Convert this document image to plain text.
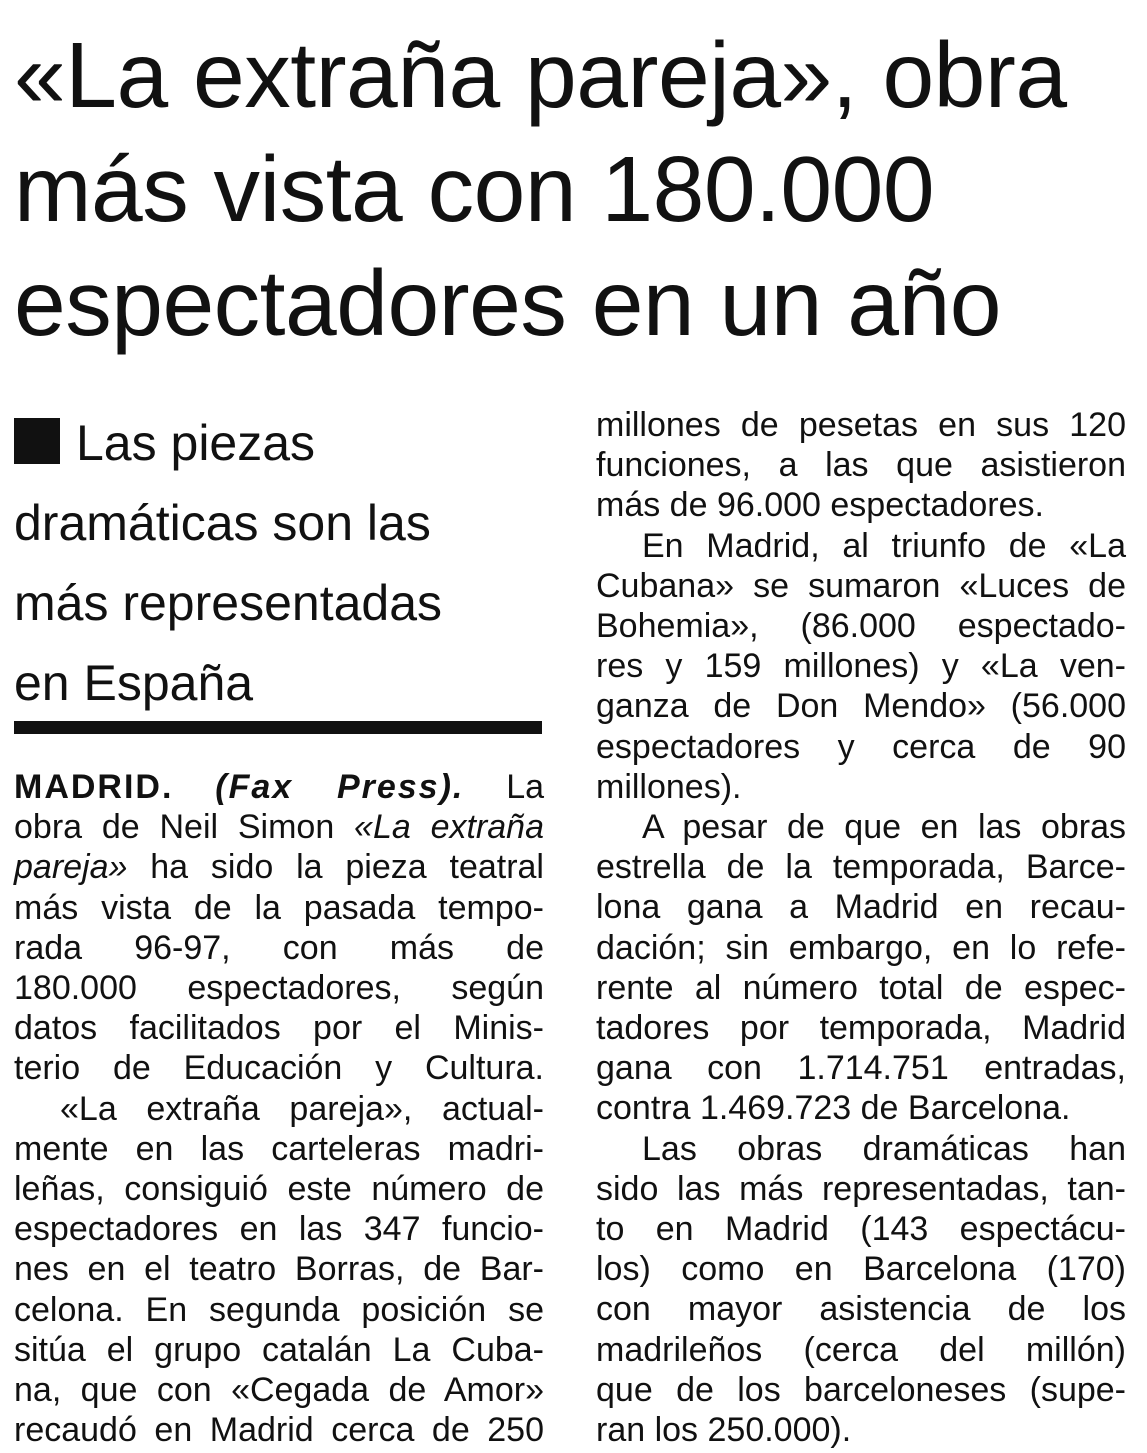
«La extraña pareja», obra
más vista con 180.000
espectadores en un año
Las piezas
dramáticas son las
más representadas
en España
MADRID. (Fax Press). La
obra de Neil Simon «La extraña
pareja» ha sido la pieza teatral
más vista de la pasada tempo-
rada 96-97, con más de
180.000 espectadores, según
datos facilitados por el Minis-
terio de Educación y Cultura.
«La extraña pareja», actual-
mente en las carteleras madri-
leñas, consiguió este número de
espectadores en las 347 funcio-
nes en el teatro Borras, de Bar-
celona. En segunda posición se
sitúa el grupo catalán La Cuba-
na, que con «Cegada de Amor»
recaudó en Madrid cerca de 250
millones de pesetas en sus 120
funciones, a las que asistieron
más de 96.000 espectadores.
En Madrid, al triunfo de «La
Cubana» se sumaron «Luces de
Bohemia», (86.000 espectado-
res y 159 millones) y «La ven-
ganza de Don Mendo» (56.000
espectadores y cerca de 90
millones).
A pesar de que en las obras
estrella de la temporada, Barce-
lona gana a Madrid en recau-
dación; sin embargo, en lo refe-
rente al número total de espec-
tadores por temporada, Madrid
gana con 1.714.751 entradas,
contra 1.469.723 de Barcelona.
Las obras dramáticas han
sido las más representadas, tan-
to en Madrid (143 espectácu-
los) como en Barcelona (170)
con mayor asistencia de los
madrileños (cerca del millón)
que de los barceloneses (supe-
ran los 250.000).
